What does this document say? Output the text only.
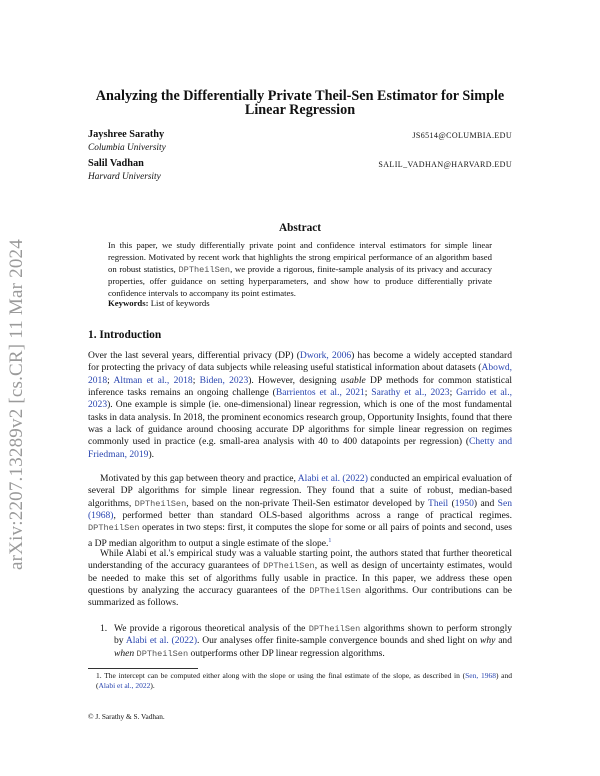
arXiv:2207.13289v2 [cs.CR] 11 Mar 2024
Analyzing the Differentially Private Theil-Sen Estimator for Simple Linear Regression
Jayshree Sarathy
Columbia University
JS6514@COLUMBIA.EDU
Salil Vadhan
Harvard University
SALIL_VADHAN@HARVARD.EDU
Abstract
In this paper, we study differentially private point and confidence interval estimators for simple linear regression. Motivated by recent work that highlights the strong empirical performance of an algorithm based on robust statistics, DPTheilSen, we provide a rigorous, finite-sample analysis of its privacy and accuracy properties, offer guidance on setting hyperparameters, and show how to produce differentially private confidence intervals to accompany its point estimates.
Keywords: List of keywords
1. Introduction

Over the last several years, differential privacy (DP) (Dwork, 2006) has become a widely accepted standard for protecting the privacy of data subjects while releasing useful statistical information about datasets (Abowd, 2018; Altman et al., 2018; Biden, 2023). However, designing usable DP methods for common statistical inference tasks remains an ongoing challenge (Barrientos et al., 2021; Sarathy et al., 2023; Garrido et al., 2023). One example is simple (ie. one-dimensional) linear regression, which is one of the most fundamental tasks in data analysis. In 2018, the prominent economics research group, Opportunity Insights, found that there was a lack of guidance around choosing accurate DP algorithms for simple linear regression on regimes commonly used in practice (e.g. small-area analysis with 40 to 400 datapoints per regression) (Chetty and Friedman, 2019).

Motivated by this gap between theory and practice, Alabi et al. (2022) conducted an empirical evaluation of several DP algorithms for simple linear regression. They found that a suite of robust, median-based algorithms, DPTheilSen, based on the non-private Theil-Sen estimator developed by Theil (1950) and Sen (1968), performed better than standard OLS-based algorithms across a range of practical regimes. DPTheilSen operates in two steps: first, it computes the slope for some or all pairs of points and second, uses a DP median algorithm to output a single estimate of the slope.$^1$

While Alabi et al.'s empirical study was a valuable starting point, the authors stated that further theoretical understanding of the accuracy guarantees of DPTheilSen, as well as design of uncertainty estimates, would be needed to make this set of algorithms fully usable in practice. In this paper, we address these open questions by analyzing the accuracy guarantees of the DPTheilSen algorithms. Our contributions can be summarized as follows.

1. We provide a rigorous theoretical analysis of the DPTheilSen algorithms shown to perform strongly by Alabi et al. (2022). Our analyses offer finite-sample convergence bounds and shed light on why and when DPTheilSen outperforms other DP linear regression algorithms.
1. The intercept can be computed either along with the slope or using the final estimate of the slope, as described in (Sen, 1968) and (Alabi et al., 2022).
© J. Sarathy & S. Vadhan.
